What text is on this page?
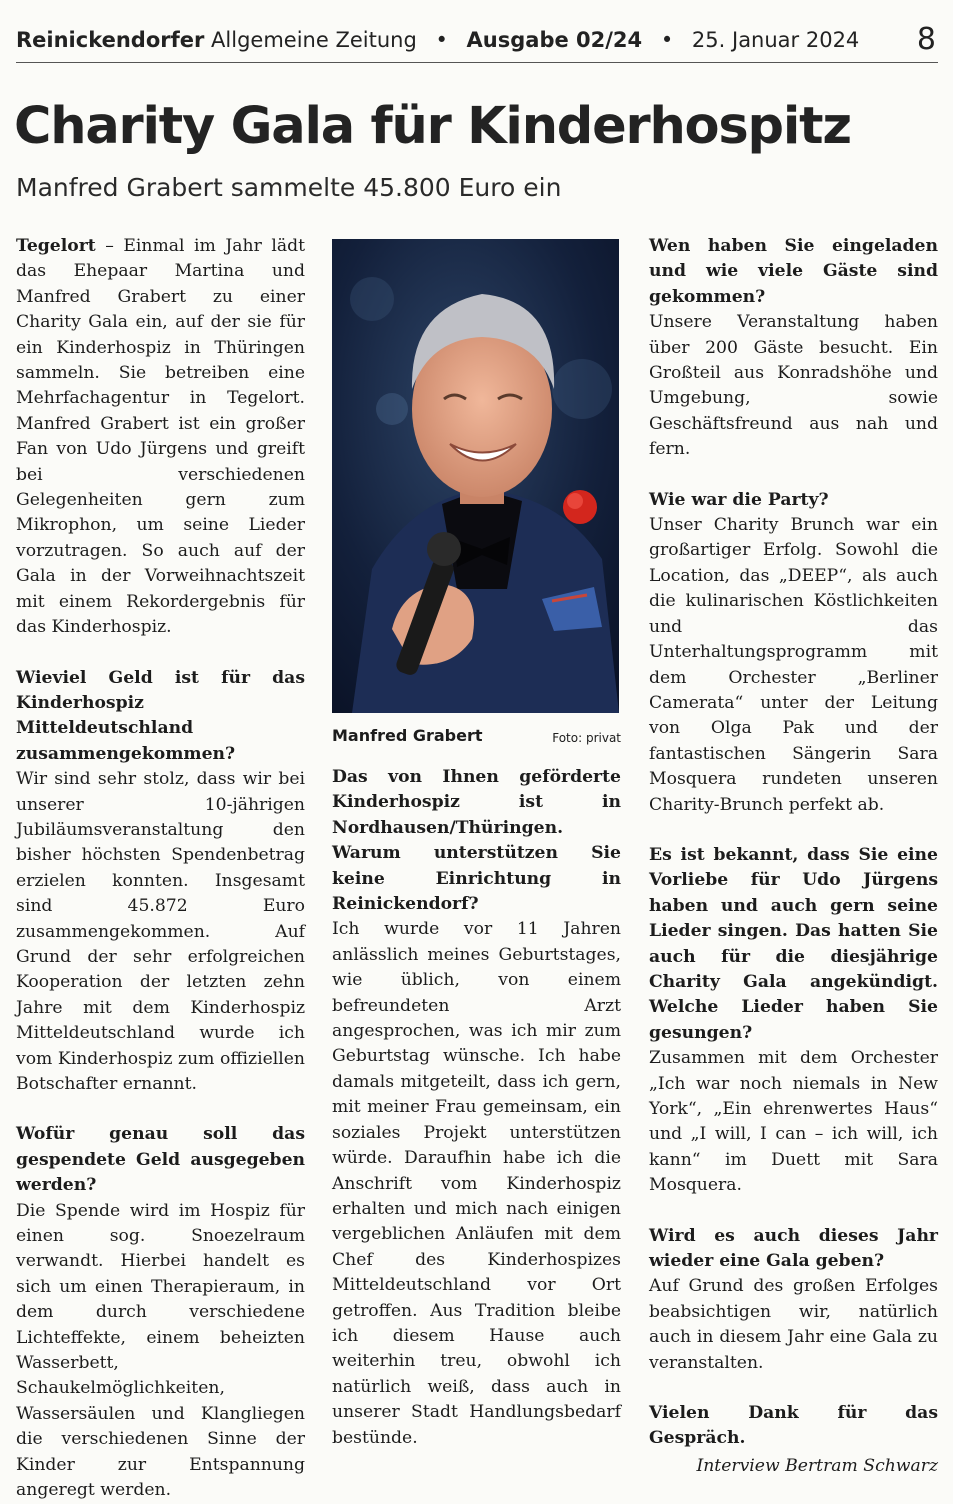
Reinickendorfer Allgemeine Zeitung • Ausgabe 02/24 • 25. Januar 2024 8
Charity Gala für Kinderhospitz
Manfred Grabert sammelte 45.800 Euro ein

Tegelort – Einmal im Jahr lädt das Ehepaar Martina und Manfred Grabert zu einer Charity Gala ein, auf der sie für ein Kinderhospiz in Thüringen sammeln. Sie betreiben eine Mehrfachagentur in Tegelort. Manfred Grabert ist ein großer Fan von Udo Jürgens und greift bei verschiedenen Gelegenheiten gern zum Mikrophon, um seine Lieder vorzutragen. So auch auf der Gala in der Vorweihnachtszeit mit einem Rekordergebnis für das Kinderhospiz.

Wieviel Geld ist für das Kinderhospiz Mitteldeutschland zusammengekommen?
Wir sind sehr stolz, dass wir bei unserer 10-jährigen Jubiläumsveranstaltung den bisher höchsten Spendenbetrag erzielen konnten. Insgesamt sind 45.872 Euro zusammengekommen. Auf Grund der sehr erfolgreichen Kooperation der letzten zehn Jahre mit dem Kinderhospiz Mitteldeutschland wurde ich vom Kinderhospiz zum offiziellen Botschafter ernannt.

Wofür genau soll das gespendete Geld ausgegeben werden?
Die Spende wird im Hospiz für einen sog. Snoezelraum verwandt. Hierbei handelt es sich um einen Therapieraum, in dem durch verschiedene Lichteffekte, einem beheizten Wasserbett, Schaukelmöglichkeiten, Wassersäulen und Klangliegen die verschiedenen Sinne der Kinder zur Entspannung angeregt werden.

Manfred Grabert	Foto: privat

Das von Ihnen geförderte Kinderhospiz ist in Nordhausen/Thüringen. Warum unterstützen Sie keine Einrichtung in Reinickendorf?
Ich wurde vor 11 Jahren anlässlich meines Geburtstages, wie üblich, von einem befreundeten Arzt angesprochen, was ich mir zum Geburtstag wünsche. Ich habe damals mitgeteilt, dass ich gern, mit meiner Frau gemeinsam, ein soziales Projekt unterstützen würde. Daraufhin habe ich die Anschrift vom Kinderhospiz erhalten und mich nach einigen vergeblichen Anläufen mit dem Chef des Kinderhospizes Mitteldeutschland vor Ort getroffen. Aus Tradition bleibe ich diesem Hause auch weiterhin treu, obwohl ich natürlich weiß, dass auch in unserer Stadt Handlungsbedarf bestünde.

Wen haben Sie eingeladen und wie viele Gäste sind gekommen?
Unsere Veranstaltung haben über 200 Gäste besucht. Ein Großteil aus Konradshöhe und Umgebung, sowie Geschäftsfreund aus nah und fern.

Wie war die Party?
Unser Charity Brunch war ein großartiger Erfolg. Sowohl die Location, das „DEEP“, als auch die kulinarischen Köstlichkeiten und das Unterhaltungsprogramm mit dem Orchester „Berliner Camerata“ unter der Leitung von Olga Pak und der fantastischen Sängerin Sara Mosquera rundeten unseren Charity-Brunch perfekt ab.

Es ist bekannt, dass Sie eine Vorliebe für Udo Jürgens haben und auch gern seine Lieder singen. Das hatten Sie auch für die diesjährige Charity Gala angekündigt. Welche Lieder haben Sie gesungen?
Zusammen mit dem Orchester „Ich war noch niemals in New York“, „Ein ehrenwertes Haus“ und „I will, I can – ich will, ich kann“ im Duett mit Sara Mosquera.

Wird es auch dieses Jahr wieder eine Gala geben?
Auf Grund des großen Erfolges beabsichtigen wir, natürlich auch in diesem Jahr eine Gala zu veranstalten.

Vielen Dank für das Gespräch.
Interview Bertram Schwarz
